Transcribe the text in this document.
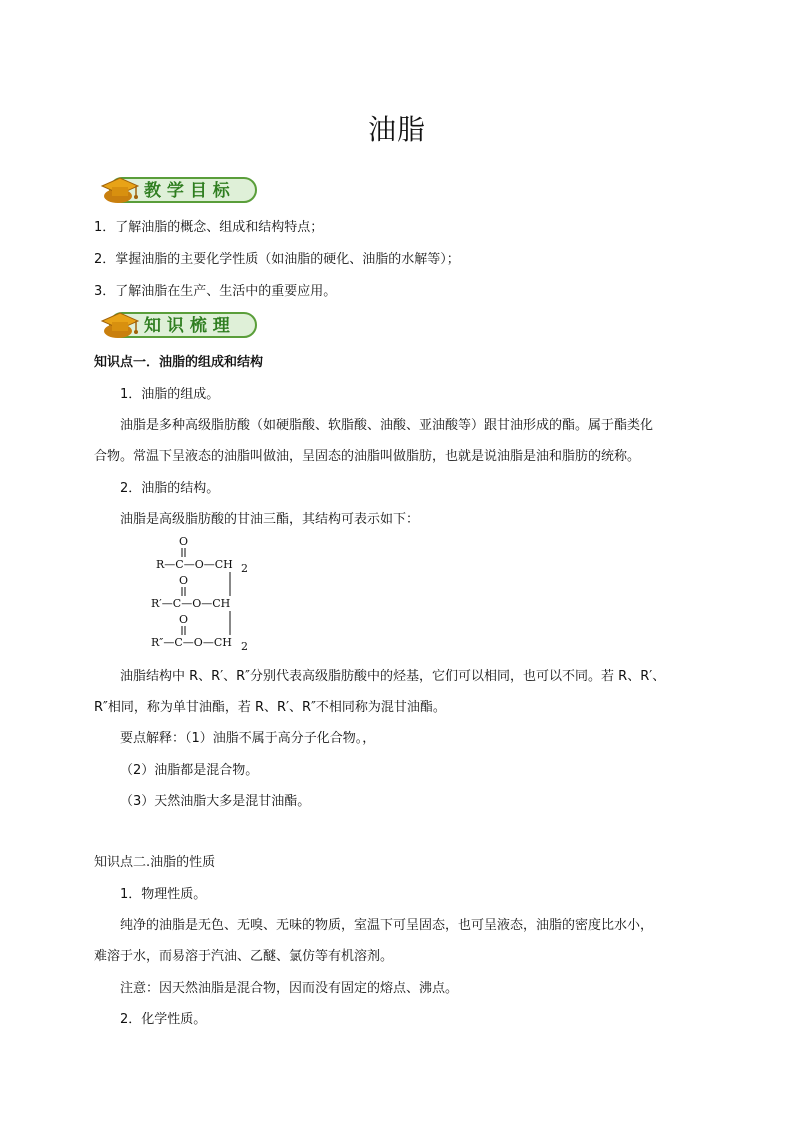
油脂
教 学 目 标
1．了解油脂的概念、组成和结构特点；
2．掌握油脂的主要化学性质（如油脂的硬化、油脂的水解等）；
3．了解油脂在生产、生活中的重要应用。
知 识 梳 理
知识点一．油脂的组成和结构
1．油脂的组成。
油脂是多种高级脂肪酸（如硬脂酸、软脂酸、油酸、亚油酸等）跟甘油形成的酯。属于酯类化
合物。常温下呈液态的油脂叫做油，呈固态的油脂叫做脂肪，也就是说油脂是油和脂肪的统称。
2．油脂的结构。
油脂是高级脂肪酸的甘油三酯，其结构可表示如下：
O
R—C—O—CH 2
O
R′—C—O—CH
O
R″—C—O—CH 2
油脂结构中 R、R′、R″分别代表高级脂肪酸中的烃基，它们可以相同，也可以不同。若 R、R′、
R″相同，称为单甘油酯，若 R、R′、R″不相同称为混甘油酯。
要点解释：（1）油脂不属于高分子化合物。，
（2）油脂都是混合物。
（3）天然油脂大多是混甘油酯。
知识点二.油脂的性质
1．物理性质。
纯净的油脂是无色、无嗅、无味的物质，室温下可呈固态，也可呈液态，油脂的密度比水小，
难溶于水，而易溶于汽油、乙醚、氯仿等有机溶剂。
注意：因天然油脂是混合物，因而没有固定的熔点、沸点。
2．化学性质。
